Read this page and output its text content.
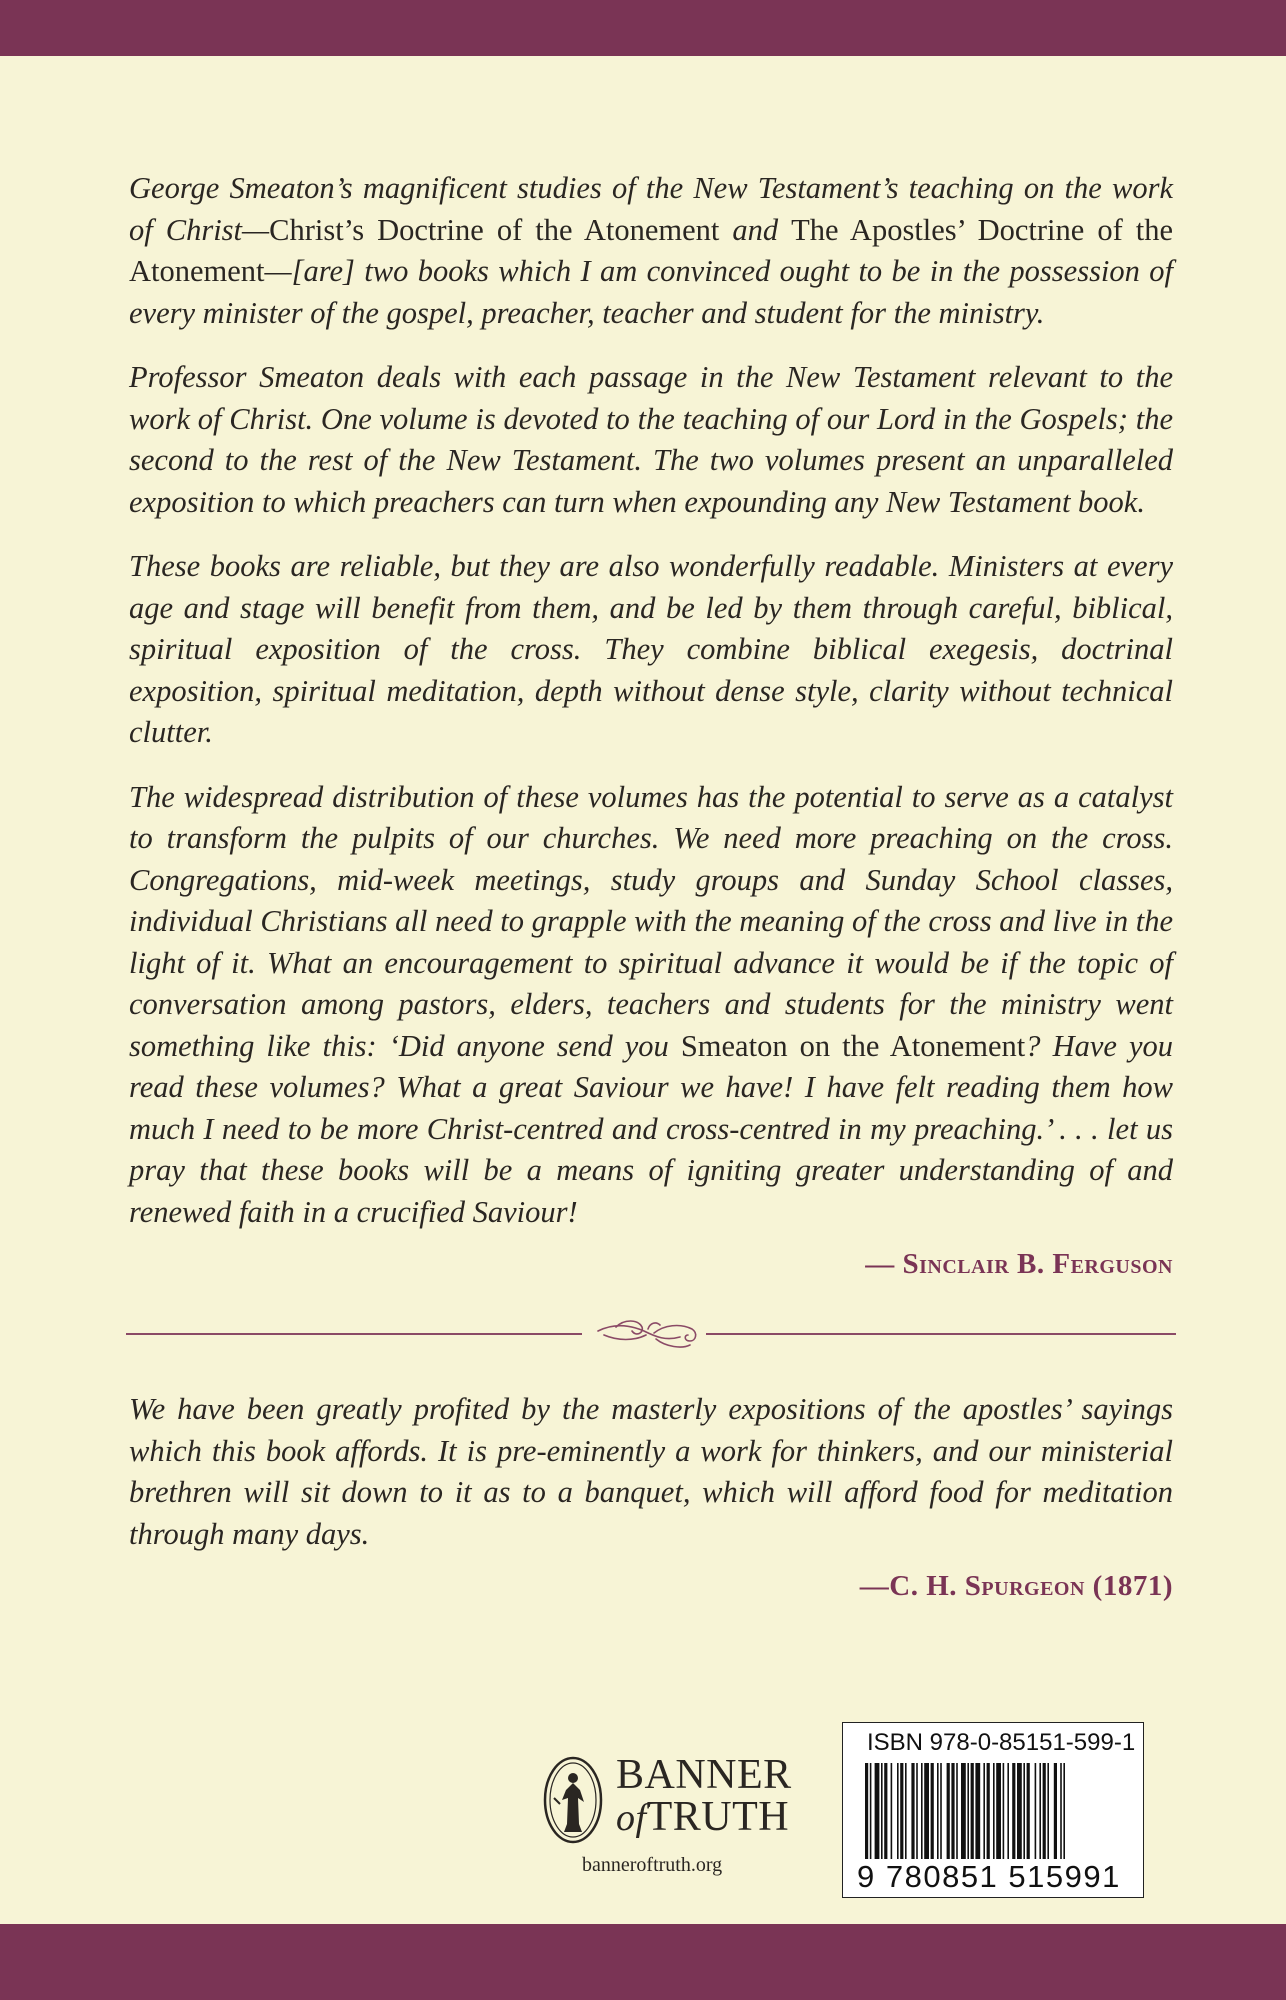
George Smeaton’s magnificent studies of the New Testament’s teaching on the work of Christ—Christ’s Doctrine of the Atonement and The Apostles’ Doctrine of the Atonement—[are] two books which I am convinced ought to be in the possession of every minister of the gospel, preacher, teacher and student for the ministry.

Professor Smeaton deals with each passage in the New Testament relevant to the work of Christ. One volume is devoted to the teaching of our Lord in the Gospels; the second to the rest of the New Testament. The two volumes present an unparalleled exposition to which preachers can turn when expounding any New Testament book.

These books are reliable, but they are also wonderfully readable. Ministers at every age and stage will benefit from them, and be led by them through careful, biblical, spiritual exposition of the cross. They combine biblical exegesis, doctrinal exposition, spiritual meditation, depth without dense style, clarity without technical clutter.

The widespread distribution of these volumes has the potential to serve as a catalyst to transform the pulpits of our churches. We need more preaching on the cross. Congregations, mid-week meetings, study groups and Sunday School classes, individual Christians all need to grapple with the meaning of the cross and live in the light of it. What an encouragement to spiritual advance it would be if the topic of conversation among pastors, elders, teachers and students for the ministry went something like this: ‘Did anyone send you Smeaton on the Atonement? Have you read these volumes? What a great Saviour we have! I have felt reading them how much I need to be more Christ-centred and cross-centred in my preaching.’ . . . let us pray that these books will be a means of igniting greater understanding of and renewed faith in a crucified Saviour!

— Sinclair B. Ferguson

We have been greatly profited by the masterly expositions of the apostles’ sayings which this book affords. It is pre-eminently a work for thinkers, and our ministerial brethren will sit down to it as to a banquet, which will afford food for meditation through many days.

—C. H. Spurgeon (1871)
BANNER
ofTRUTH
banneroftruth.org
ISBN 978-0-85151-599-1
9 780851 515991
